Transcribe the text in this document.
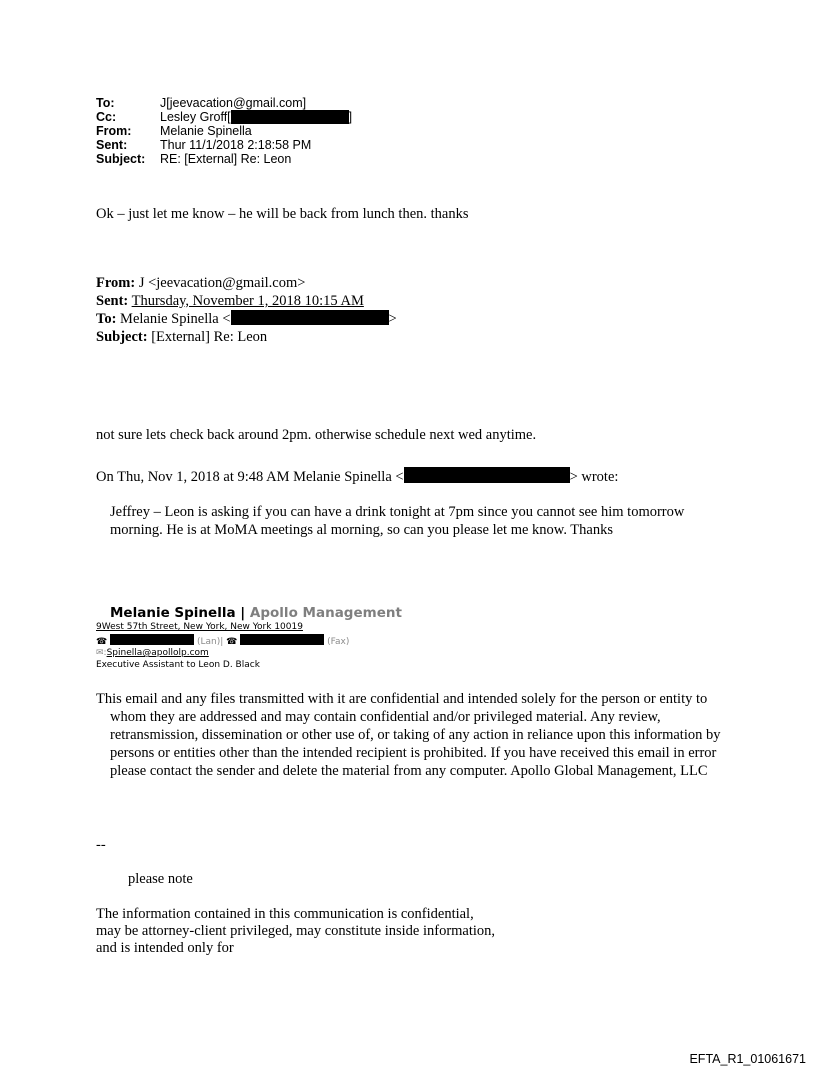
To:	J[jeevacation@gmail.com]
Cc:	Lesley Groff[	]
From:	Melanie Spinella
Sent:	Thur 11/1/2018 2:18:58 PM
Subject:	RE: [External] Re: Leon
Ok – just let me know – he will be back from lunch then. thanks
From: J <jeevacation@gmail.com>
Sent: Thursday, November 1, 2018 10:15 AM
To: Melanie Spinella <	>
Subject: [External] Re: Leon
not sure lets check back around 2pm. otherwise schedule next wed anytime.
On Thu, Nov 1, 2018 at 9:48 AM Melanie Spinella <	> wrote:
Jeffrey – Leon is asking if you can have a drink tonight at 7pm since you cannot see him tomorrow morning. He is at MoMA meetings al morning, so can you please let me know. Thanks
Melanie Spinella | Apollo Management
9West 57th Street, New York, New York 10019
☎	(Lan)| ☎	(Fax)
✉:Spinella@apollolp.com
Executive Assistant to Leon D. Black
This email and any files transmitted with it are confidential and intended solely for the person or entity to whom they are addressed and may contain confidential and/or privileged material. Any review, retransmission, dissemination or other use of, or taking of any action in reliance upon this information by persons or entities other than the intended recipient is prohibited. If you have received this email in error please contact the sender and delete the material from any computer. Apollo Global Management, LLC
--
please note
The information contained in this communication is confidential, may be attorney-client privileged, may constitute inside information, and is intended only for
EFTA_R1_01061671
